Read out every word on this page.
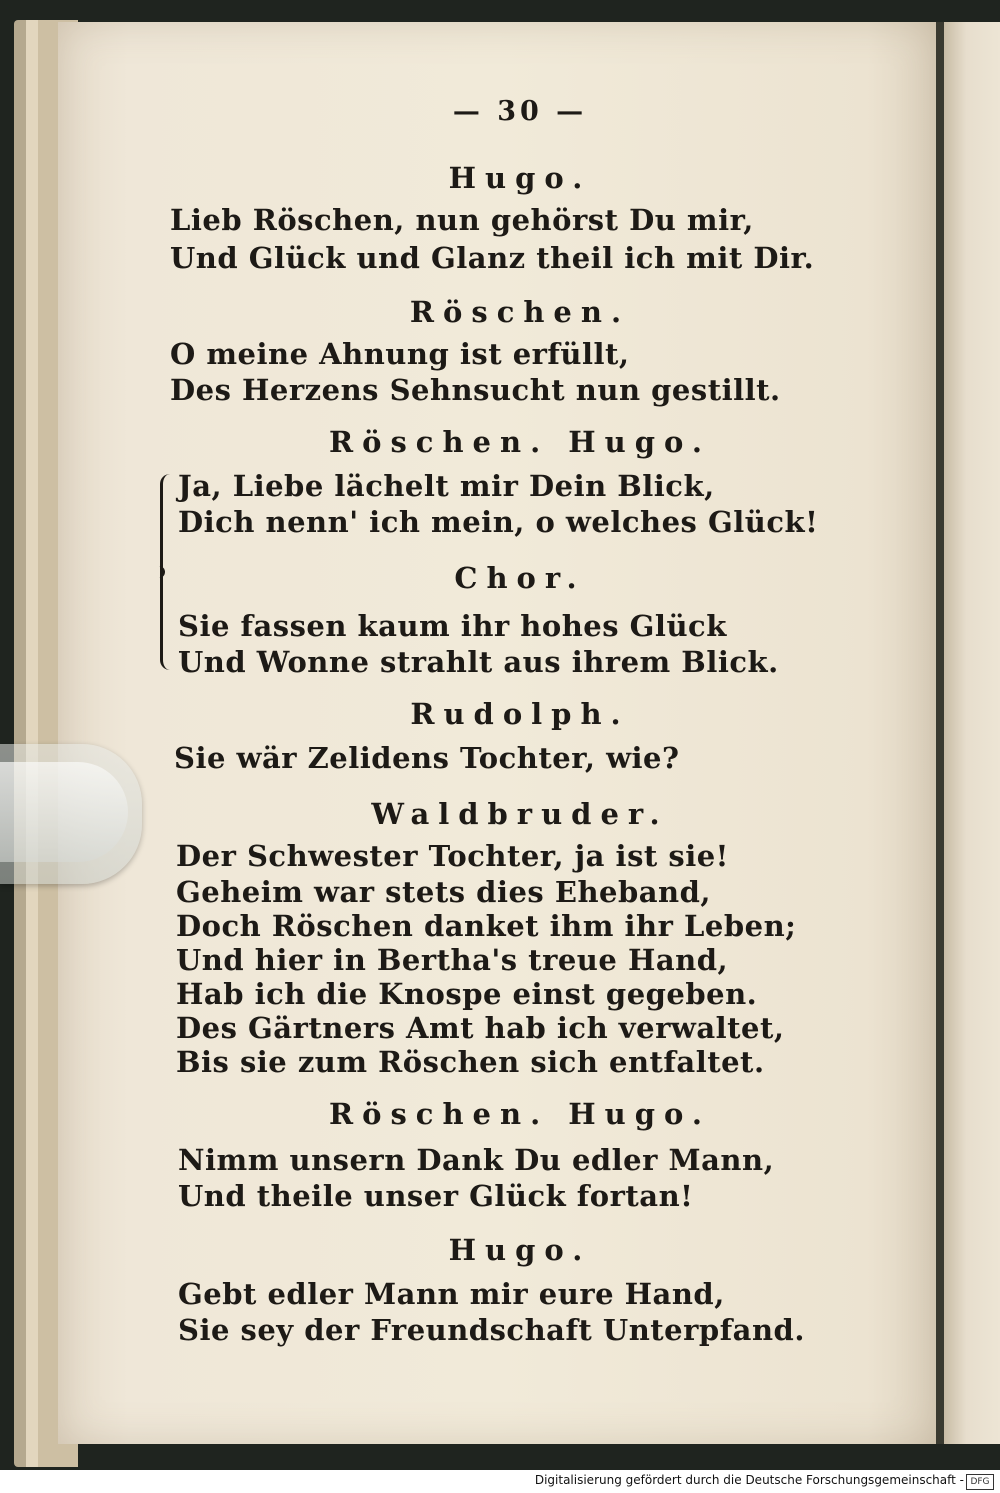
— 30 —
Hugo.
Lieb Röschen, nun gehörst Du mir,
Und Glück und Glanz theil ich mit Dir.
Röschen.
O meine Ahnung ist erfüllt,
Des Herzens Sehnsucht nun gestillt.
Röschen. Hugo.
Ja, Liebe lächelt mir Dein Blick,
Dich nenn' ich mein, o welches Glück!
Chor.
Sie fassen kaum ihr hohes Glück
Und Wonne strahlt aus ihrem Blick.
Rudolph.
Sie wär Zelidens Tochter, wie?
Waldbruder.
Der Schwester Tochter, ja ist sie!
Geheim war stets dies Eheband,
Doch Röschen danket ihm ihr Leben;
Und hier in Bertha's treue Hand,
Hab ich die Knospe einst gegeben.
Des Gärtners Amt hab ich verwaltet,
Bis sie zum Röschen sich entfaltet.
Röschen. Hugo.
Nimm unsern Dank Du edler Mann,
Und theile unser Glück fortan!
Hugo.
Gebt edler Mann mir eure Hand,
Sie sey der Freundschaft Unterpfand.
Digitalisierung gefördert durch die Deutsche Forschungsgemeinschaft - DFG
